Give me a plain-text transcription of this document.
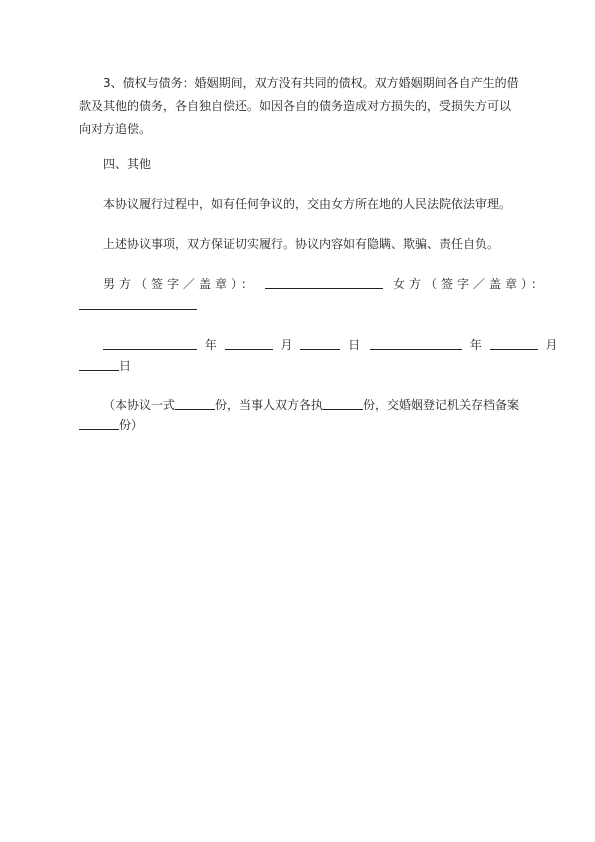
3、债权与债务：婚姻期间，双方没有共同的债权。双方婚姻期间各自产生的借款及其他的债务，各自独自偿还。如因各自的债务造成对方损失的，受损失方可以向对方追偿。

四、其他

本协议履行过程中，如有任何争议的，交由女方所在地的人民法院依法审理。

上述协议事项，双方保证切实履行。协议内容如有隐瞒、欺骗、责任自负。

男方（签字／盖章）：	女方（签字／盖章）：
年	月	日	年	月
日
（本协议一式	份，当事人双方各执	份，交婚姻登记机关存档备案
份）
